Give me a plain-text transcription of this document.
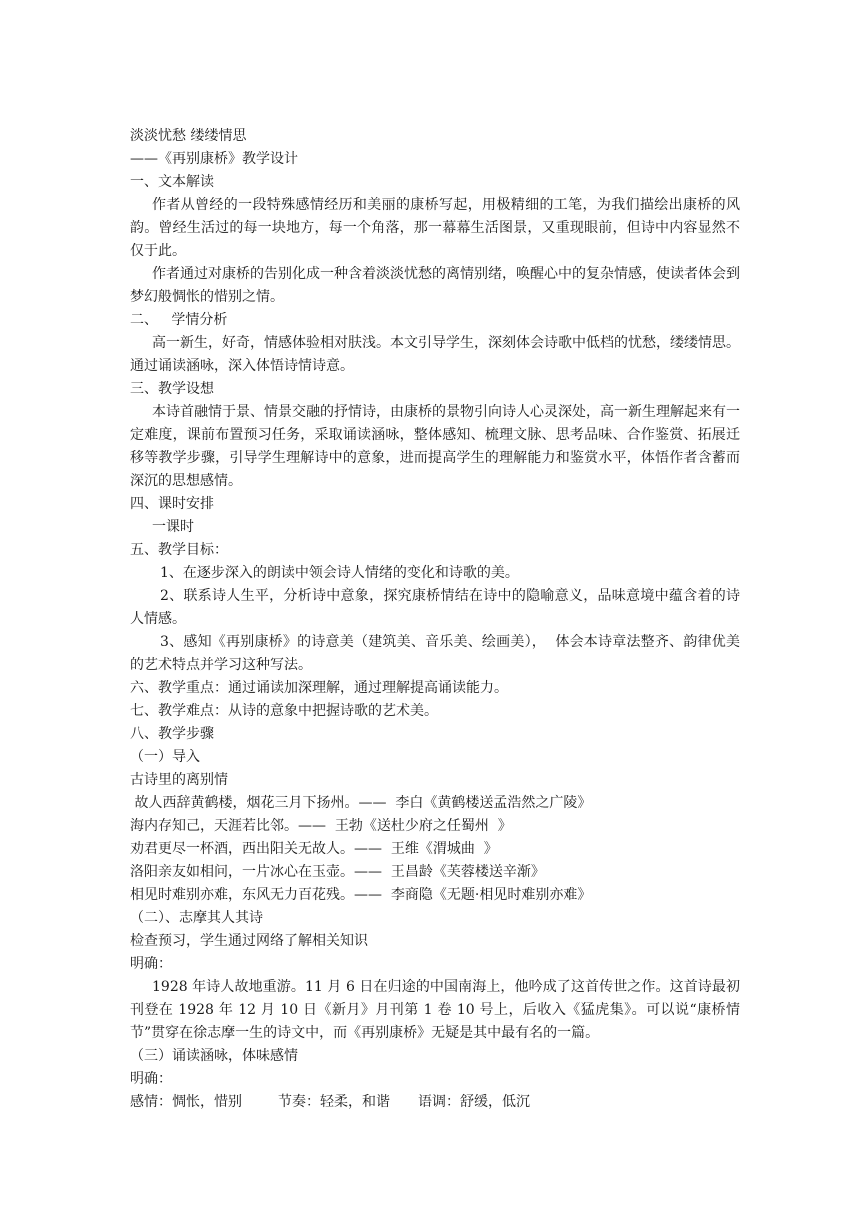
淡淡忧愁 缕缕情思
——《再别康桥》教学设计
一、文本解读

作者从曾经的一段特殊感情经历和美丽的康桥写起，用极精细的工笔，为我们描绘出康桥的风韵。曾经生活过的每一块地方，每一个角落，那一幕幕生活图景，又重现眼前，但诗中内容显然不仅于此。

作者通过对康桥的告别化成一种含着淡淡忧愁的离情别绪，唤醒心中的复杂情感，使读者体会到梦幻般惆怅的惜别之情。

二、   学情分析

高一新生，好奇，情感体验相对肤浅。本文引导学生，深刻体会诗歌中低档的忧愁，缕缕情思。通过诵读涵咏，深入体悟诗情诗意。

三、教学设想

本诗首融情于景、情景交融的抒情诗，由康桥的景物引向诗人心灵深处，高一新生理解起来有一定难度，课前布置预习任务，采取诵读涵咏，整体感知、梳理文脉、思考品味、合作鉴赏、拓展迁移等教学步骤，引导学生理解诗中的意象，进而提高学生的理解能力和鉴赏水平，体悟作者含蓄而深沉的思想感情。

四、课时安排
一课时
五、教学目标：
1、在逐步深入的朗读中领会诗人情绪的变化和诗歌的美。

2、联系诗人生平，分析诗中意象，探究康桥情结在诗中的隐喻意义，品味意境中蕴含着的诗人情感。

3、感知《再别康桥》的诗意美（建筑美、音乐美、绘画美），  体会本诗章法整齐、韵律优美的艺术特点并学习这种写法。

六、教学重点：通过诵读加深理解，通过理解提高诵读能力。
七、教学难点：从诗的意象中把握诗歌的艺术美。
八、教学步骤
（一）导入
古诗里的离别情
故人西辞黄鹤楼，烟花三月下扬州。——  李白《黄鹤楼送孟浩然之广陵》
海内存知己，天涯若比邻。——  王勃《送杜少府之任蜀州  》
劝君更尽一杯酒，西出阳关无故人。——  王维《渭城曲  》
洛阳亲友如相问，一片冰心在玉壶。——  王昌龄《芙蓉楼送辛渐》
相见时难别亦难，东风无力百花残。——  李商隐《无题·相见时难别亦难》
（二）、志摩其人其诗
检查预习，学生通过网络了解相关知识
明确：

1928 年诗人故地重游。11 月 6 日在归途的中国南海上，他吟成了这首传世之作。这首诗最初刊登在 1928 年 12 月 10 日《新月》月刊第 1 卷 10 号上，后收入《猛虎集》。可以说“康桥情节”贯穿在徐志摩一生的诗文中，而《再别康桥》无疑是其中最有名的一篇。

（三）诵读涵咏，体味感情
明确：
感情：惆怅，惜别	节奏：轻柔，和谐 语调：舒缓，低沉
